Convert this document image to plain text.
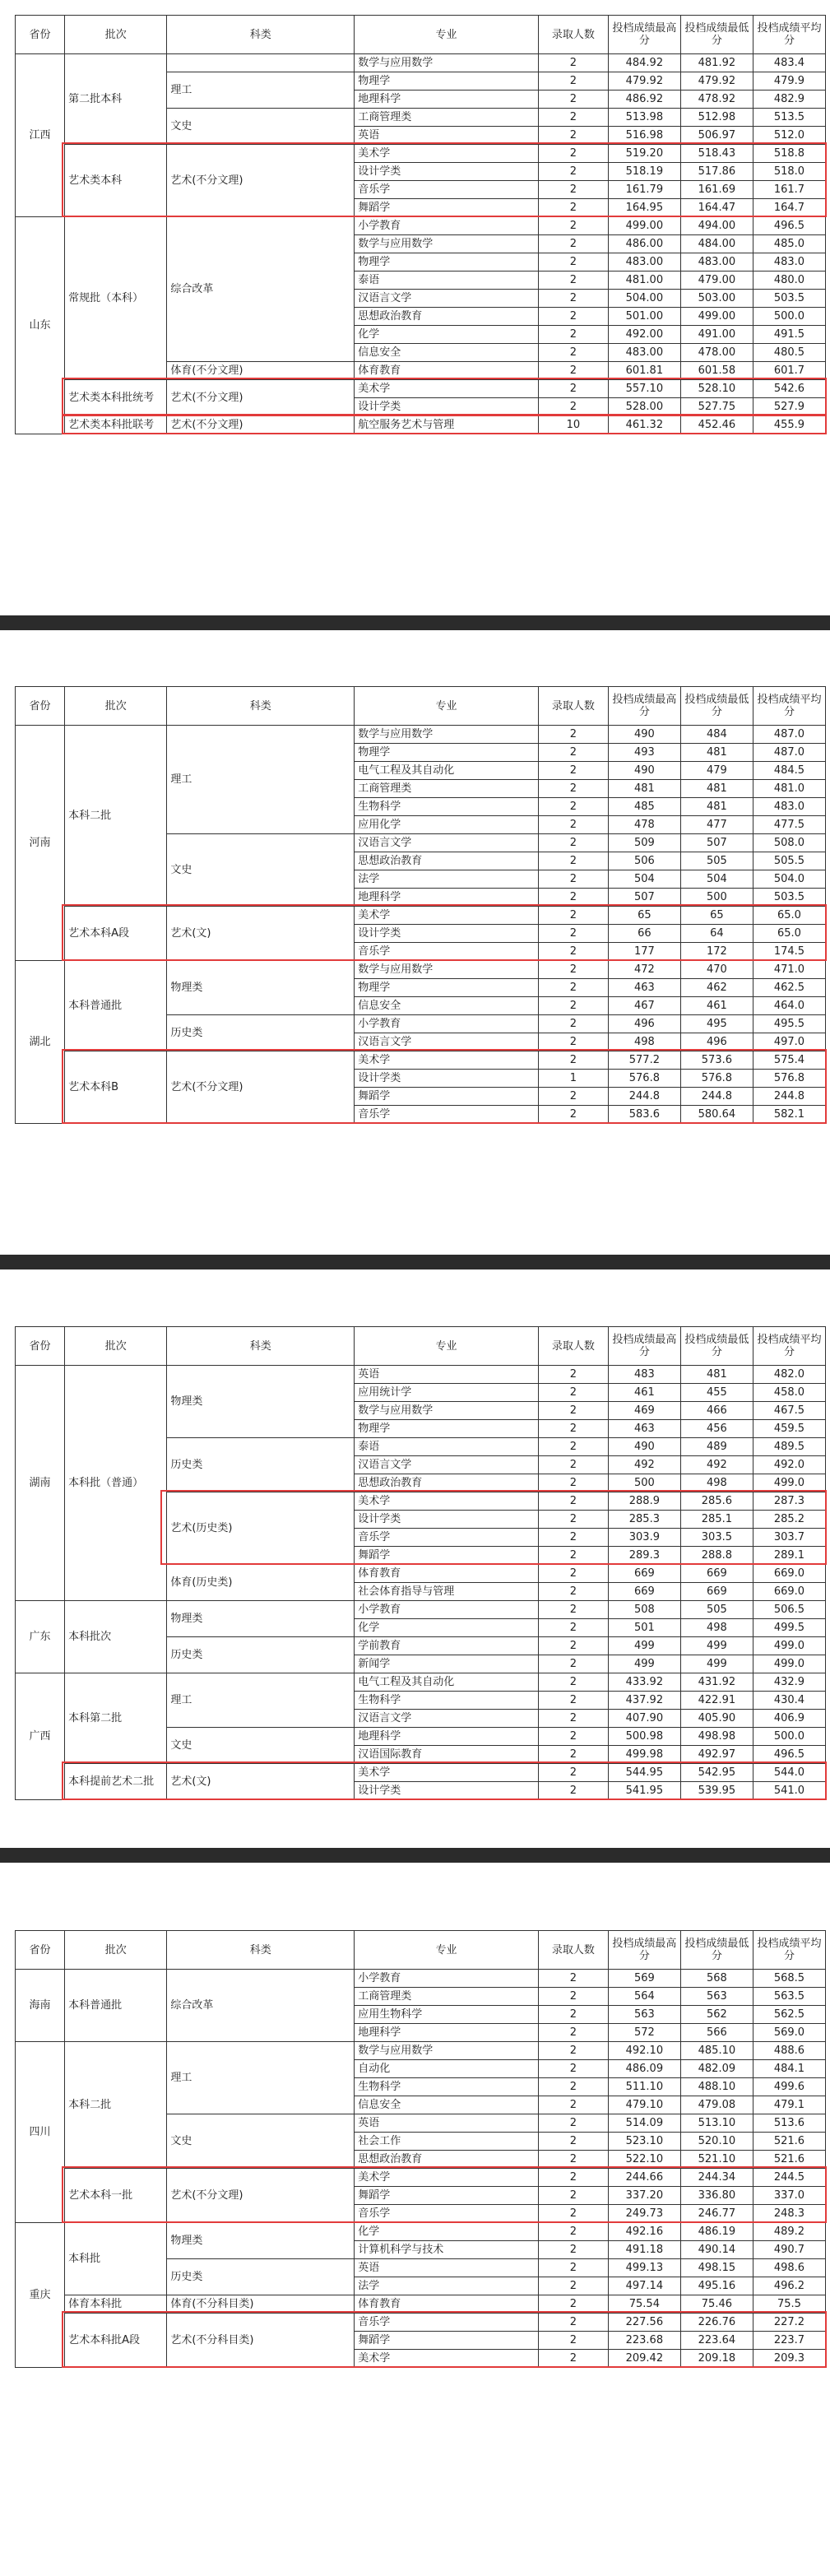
省份	批次	科类	专业	录取人数	投档成绩最高分	投档成绩最低分	投档成绩平均分
江西	第二批本科		数学与应用数学	2	484.92	481.92	483.4
		理工	物理学	2	479.92	479.92	479.9
			地理科学	2	486.92	478.92	482.9
		文史	工商管理类	2	513.98	512.98	513.5
			英语	2	516.98	506.97	512.0
	艺术类本科	艺术(不分文理)	美术学	2	519.20	518.43	518.8
			设计学类	2	518.19	517.86	518.0
			音乐学	2	161.79	161.69	161.7
			舞蹈学	2	164.95	164.47	164.7
山东	常规批（本科）	综合改革	小学教育	2	499.00	494.00	496.5
			数学与应用数学	2	486.00	484.00	485.0
			物理学	2	483.00	483.00	483.0
			泰语	2	481.00	479.00	480.0
			汉语言文学	2	504.00	503.00	503.5
			思想政治教育	2	501.00	499.00	500.0
			化学	2	492.00	491.00	491.5
			信息安全	2	483.00	478.00	480.5
		体育(不分文理)	体育教育	2	601.81	601.58	601.7
	艺术类本科批统考	艺术(不分文理)	美术学	2	557.10	528.10	542.6
			设计学类	2	528.00	527.75	527.9
	艺术类本科批联考	艺术(不分文理)	航空服务艺术与管理	10	461.32	452.46	455.9
省份	批次	科类	专业	录取人数	投档成绩最高分	投档成绩最低分	投档成绩平均分
河南	本科二批	理工	数学与应用数学	2	490	484	487.0
			物理学	2	493	481	487.0
			电气工程及其自动化	2	490	479	484.5
			工商管理类	2	481	481	481.0
			生物科学	2	485	481	483.0
			应用化学	2	478	477	477.5
		文史	汉语言文学	2	509	507	508.0
			思想政治教育	2	506	505	505.5
			法学	2	504	504	504.0
			地理科学	2	507	500	503.5
	艺术本科A段	艺术(文)	美术学	2	65	65	65.0
			设计学类	2	66	64	65.0
			音乐学	2	177	172	174.5
湖北	本科普通批	物理类	数学与应用数学	2	472	470	471.0
			物理学	2	463	462	462.5
			信息安全	2	467	461	464.0
		历史类	小学教育	2	496	495	495.5
			汉语言文学	2	498	496	497.0
	艺术本科B	艺术(不分文理)	美术学	2	577.2	573.6	575.4
			设计学类	1	576.8	576.8	576.8
			舞蹈学	2	244.8	244.8	244.8
			音乐学	2	583.6	580.64	582.1
省份	批次	科类	专业	录取人数	投档成绩最高分	投档成绩最低分	投档成绩平均分
湖南	本科批（普通）	物理类	英语	2	483	481	482.0
			应用统计学	2	461	455	458.0
			数学与应用数学	2	469	466	467.5
			物理学	2	463	456	459.5
		历史类	泰语	2	490	489	489.5
			汉语言文学	2	492	492	492.0
			思想政治教育	2	500	498	499.0
		艺术(历史类)	美术学	2	288.9	285.6	287.3
			设计学类	2	285.3	285.1	285.2
			音乐学	2	303.9	303.5	303.7
			舞蹈学	2	289.3	288.8	289.1
		体育(历史类)	体育教育	2	669	669	669.0
			社会体育指导与管理	2	669	669	669.0
广东	本科批次	物理类	小学教育	2	508	505	506.5
			化学	2	501	498	499.5
		历史类	学前教育	2	499	499	499.0
			新闻学	2	499	499	499.0
广西	本科第二批	理工	电气工程及其自动化	2	433.92	431.92	432.9
			生物科学	2	437.92	422.91	430.4
			汉语言文学	2	407.90	405.90	406.9
		文史	地理科学	2	500.98	498.98	500.0
			汉语国际教育	2	499.98	492.97	496.5
	本科提前艺术二批	艺术(文)	美术学	2	544.95	542.95	544.0
			设计学类	2	541.95	539.95	541.0
省份	批次	科类	专业	录取人数	投档成绩最高分	投档成绩最低分	投档成绩平均分
海南	本科普通批	综合改革	小学教育	2	569	568	568.5
			工商管理类	2	564	563	563.5
			应用生物科学	2	563	562	562.5
			地理科学	2	572	566	569.0
四川	本科二批	理工	数学与应用数学	2	492.10	485.10	488.6
			自动化	2	486.09	482.09	484.1
			生物科学	2	511.10	488.10	499.6
			信息安全	2	479.10	479.08	479.1
		文史	英语	2	514.09	513.10	513.6
			社会工作	2	523.10	520.10	521.6
			思想政治教育	2	522.10	521.10	521.6
	艺术本科一批	艺术(不分文理)	美术学	2	244.66	244.34	244.5
			舞蹈学	2	337.20	336.80	337.0
			音乐学	2	249.73	246.77	248.3
重庆	本科批	物理类	化学	2	492.16	486.19	489.2
			计算机科学与技术	2	491.18	490.14	490.7
		历史类	英语	2	499.13	498.15	498.6
			法学	2	497.14	495.16	496.2
	体育本科批	体育(不分科目类)	体育教育	2	75.54	75.46	75.5
	艺术本科批A段	艺术(不分科目类)	音乐学	2	227.56	226.76	227.2
			舞蹈学	2	223.68	223.64	223.7
			美术学	2	209.42	209.18	209.3
